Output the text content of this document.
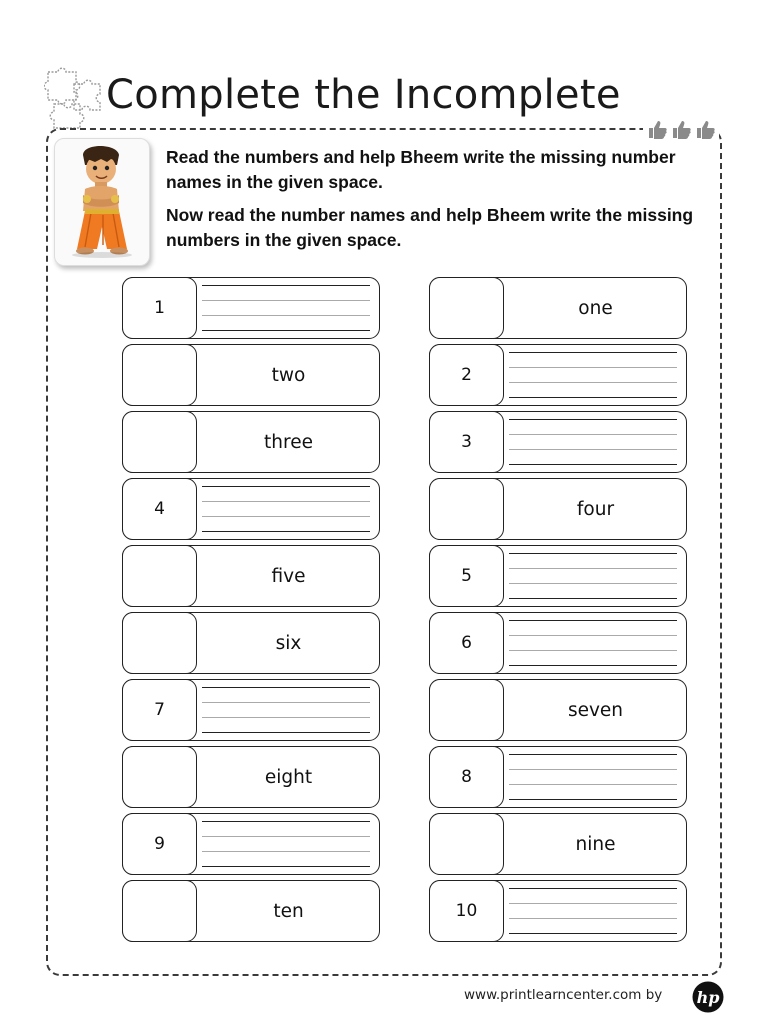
Complete the Incomplete
Read the numbers and help Bheem write the missing number names in the given space.
Now read the number names and help Bheem write the missing numbers in the given space.
1
two
three
4
five
six
7
eight
9
ten
one
2
3
four
5
6
seven
8
nine
10
www.printlearncenter.com by hp
